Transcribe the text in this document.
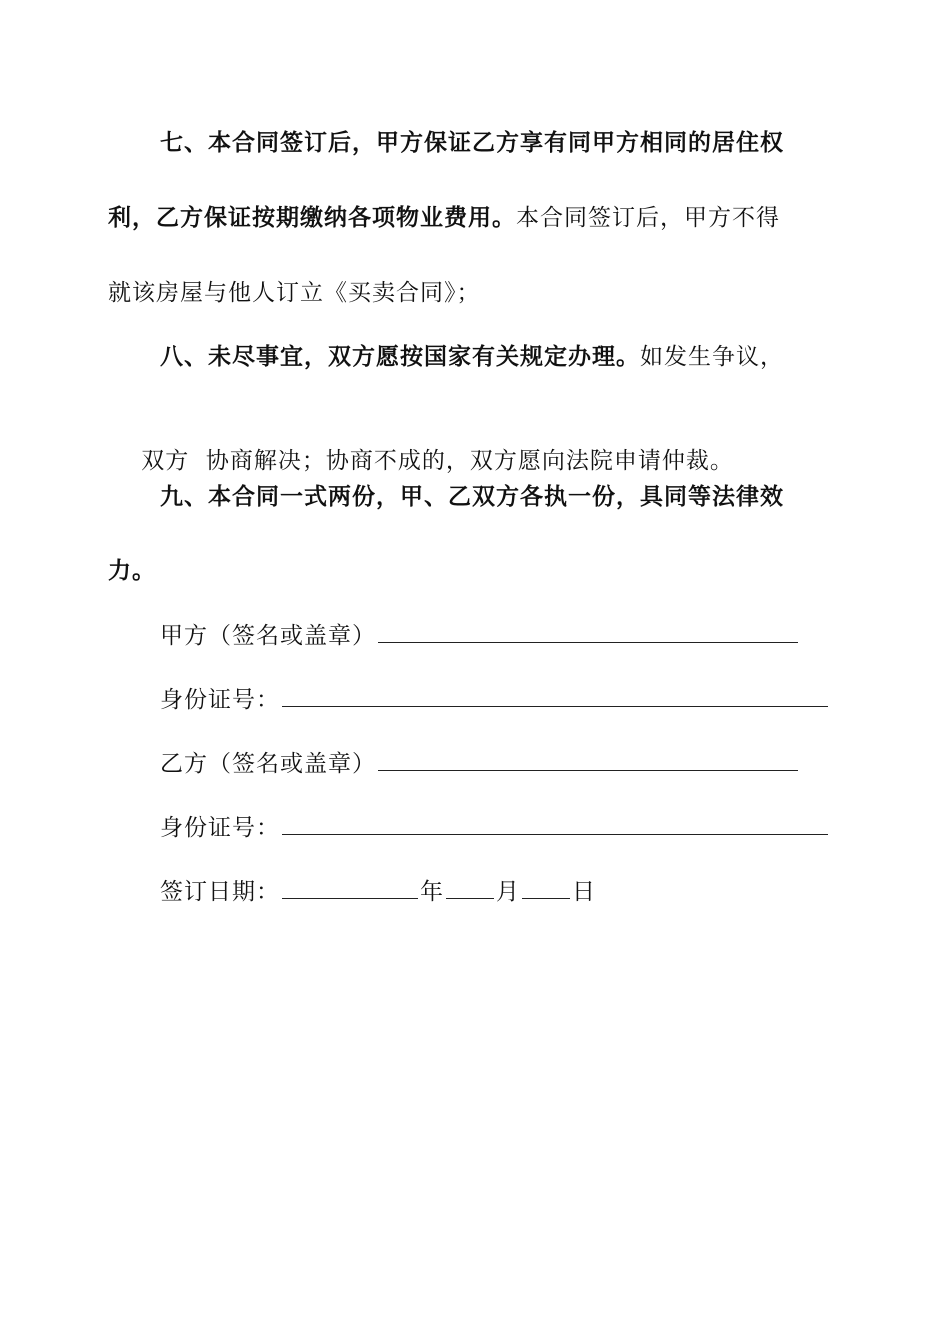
七、本合同签订后，甲方保证乙方享有同甲方相同的居住权
利，乙方保证按期缴纳各项物业费用。本合同签订后，甲方不得
就该房屋与他人订立《买卖合同》；
八、未尽事宜，双方愿按国家有关规定办理。如发生争议，

双方  协商解决；协商不成的，双方愿向法院申请仲裁。

九、本合同一式两份，甲、乙双方各执一份，具同等法律效
力。
甲方（签名或盖章）
身份证号：
乙方（签名或盖章）
身份证号：
签订日期：	年 月 日
